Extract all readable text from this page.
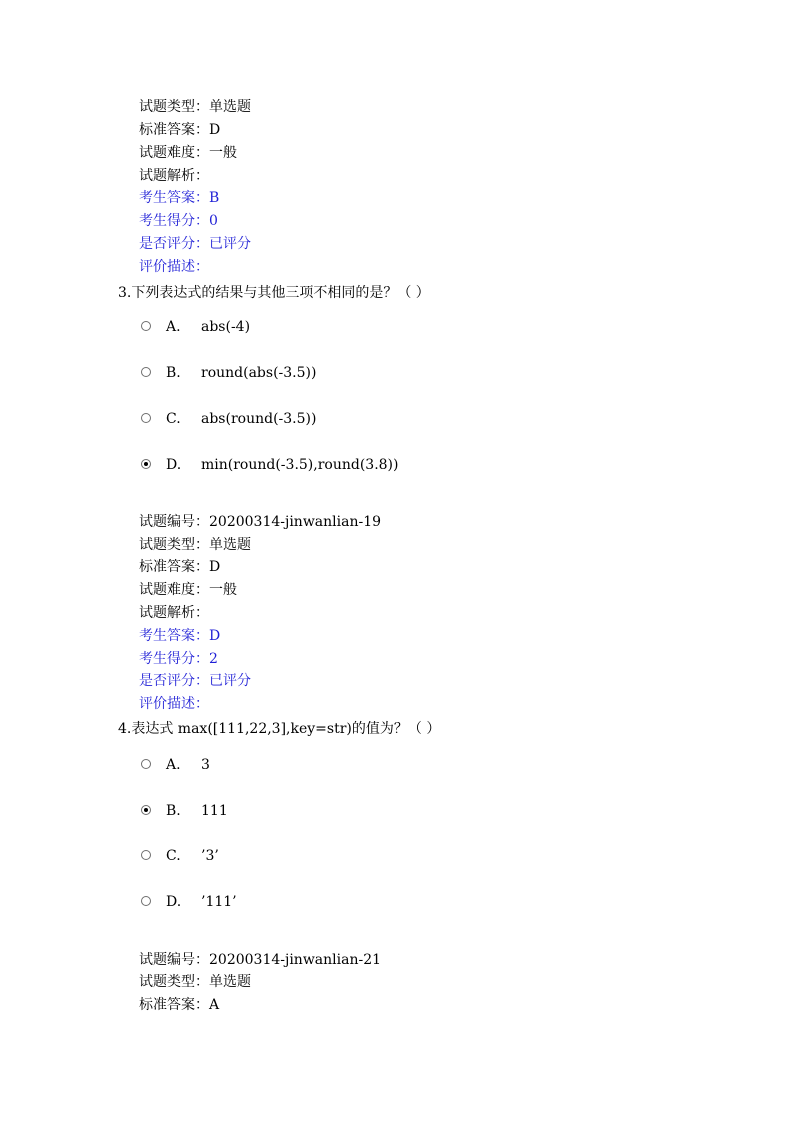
试题类型：单选题
标准答案：D
试题难度：一般
试题解析：
考生答案：B
考生得分：0
是否评分：已评分
评价描述：
3.下列表达式的结果与其他三项不相同的是？（ ）

A.

abs(-4)

B.

round(abs(-3.5))

C.

abs(round(-3.5))

D.

min(round(-3.5),round(3.8))

试题编号：20200314-jinwanlian-19
试题类型：单选题
标准答案：D
试题难度：一般
试题解析：
考生答案：D
考生得分：2
是否评分：已评分
评价描述：
4.表达式 max([111,22,3],key=str)的值为？（ ）

A.

3

B.

111

C.

’3’

D.

’111’

试题编号：20200314-jinwanlian-21
试题类型：单选题
标准答案：A
